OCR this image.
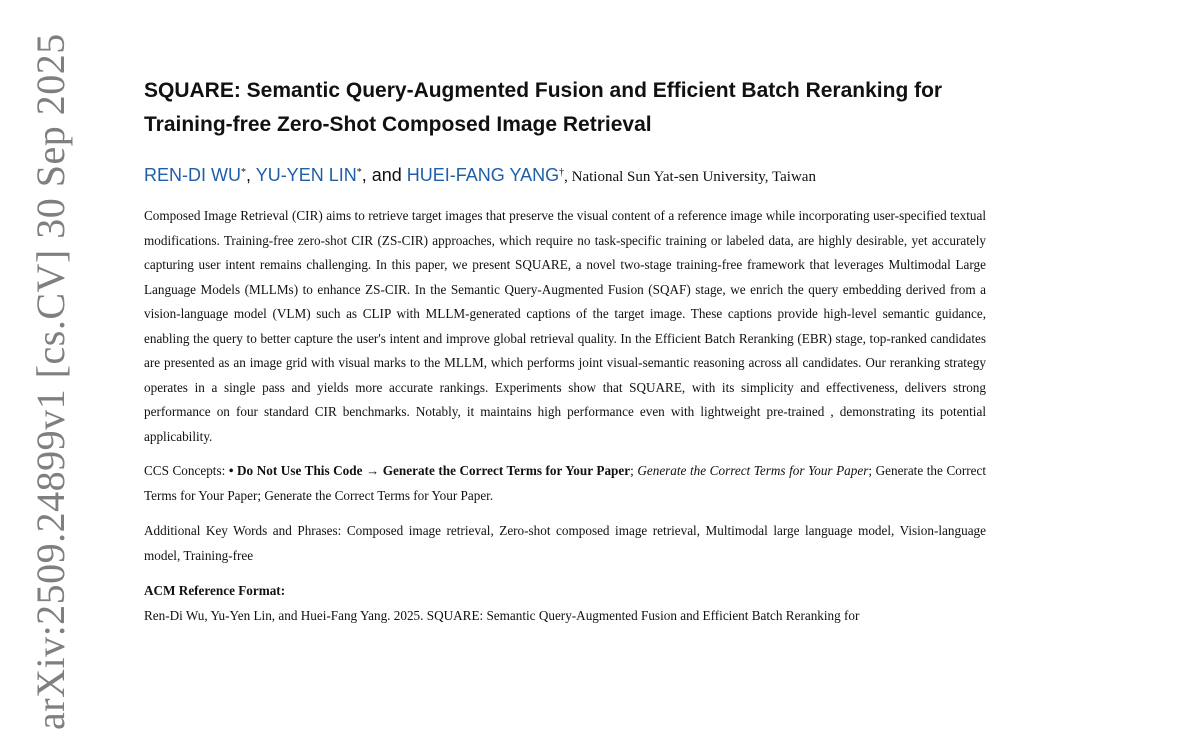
arXiv:2509.24899v1 [cs.CV] 30 Sep 2025	SQUARE: Semantic Query-Augmented Fusion and Efficient Batch Reranking for Training-free Zero-Shot Composed Image Retrieval
REN-DI WU*, YU-YEN LIN*, and HUEI-FANG YANG†, National Sun Yat-sen University, Taiwan

Composed Image Retrieval (CIR) aims to retrieve target images that preserve the visual content of a reference image while incorporating user-specified textual modifications. Training-free zero-shot CIR (ZS-CIR) approaches, which require no task-specific training or labeled data, are highly desirable, yet accurately capturing user intent remains challenging. In this paper, we present SQUARE, a novel two-stage training-free framework that leverages Multimodal Large Language Models (MLLMs) to enhance ZS-CIR. In the Semantic Query-Augmented Fusion (SQAF) stage, we enrich the query embedding derived from a vision-language model (VLM) such as CLIP with MLLM-generated captions of the target image. These captions provide high-level semantic guidance, enabling the query to better capture the user's intent and improve global retrieval quality. In the Efficient Batch Reranking (EBR) stage, top-ranked candidates are presented as an image grid with visual marks to the MLLM, which performs joint visual-semantic reasoning across all candidates. Our reranking strategy operates in a single pass and yields more accurate rankings. Experiments show that SQUARE, with its simplicity and effectiveness, delivers strong performance on four standard CIR benchmarks. Notably, it maintains high performance even with lightweight pre-trained , demonstrating its potential applicability.

CCS Concepts: • Do Not Use This Code → Generate the Correct Terms for Your Paper; Generate the Correct Terms for Your Paper; Generate the Correct Terms for Your Paper; Generate the Correct Terms for Your Paper.

Additional Key Words and Phrases: Composed image retrieval, Zero-shot composed image retrieval, Multimodal large language model, Vision-language model, Training-free

ACM Reference Format:
Ren-Di Wu, Yu-Yen Lin, and Huei-Fang Yang. 2025. SQUARE: Semantic Query-Augmented Fusion and Efficient Batch Reranking for
